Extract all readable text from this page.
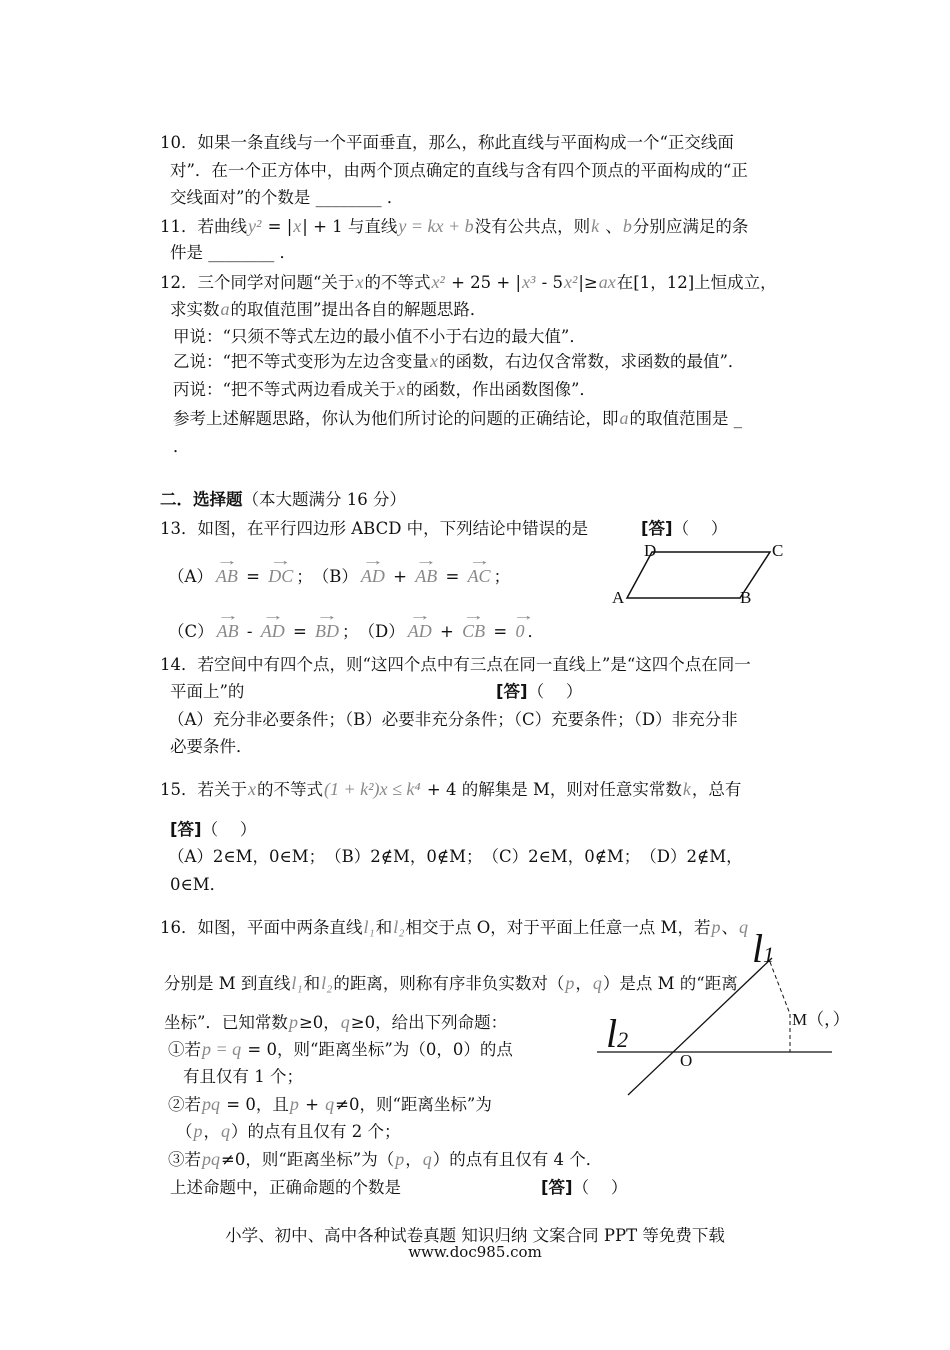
10．如果一条直线与一个平面垂直，那么，称此直线与平面构成一个“正交线面
对”．在一个正方体中，由两个顶点确定的直线与含有四个顶点的平面构成的“正
交线面对”的个数是 ________ ．
11．若曲线y² = |x| + 1 与直线y = kx + b没有公共点，则k 、b分别应满足的条
件是 ________ ．
12．三个同学对问题“关于x的不等式x² + 25 + |x³ - 5x²|≥ax在[1，12]上恒成立，
求实数a的取值范围”提出各自的解题思路．
甲说：“只须不等式左边的最小值不小于右边的最大值”．
乙说：“把不等式变形为左边含变量x的函数，右边仅含常数，求函数的最值”．
丙说：“把不等式两边看成关于x的函数，作出函数图像”．
参考上述解题思路，你认为他们所讨论的问题的正确结论，即a的取值范围是 _
．
二．选择题（本大题满分 16 分）
13．如图，在平行四边形 ABCD 中，下列结论中错误的是	[答]（　 ）
（A） → AB = → DC ；　（B） → AD + → AB = → AC ；
（C） → AB - → AD = → BD ；　（D） → AD + → CB = → 0 ．
14．若空间中有四个点，则“这四个点中有三点在同一直线上”是“这四个点在同一
平面上”的	[答]（　 ）
（A）充分非必要条件；（B）必要非充分条件；（C）充要条件；（D）非充分非
必要条件．
15．若关于x的不等式(1 + k²)x ≤ k⁴ + 4 的解集是 M，则对任意实常数k，总有
[答]（　 ）
（A）2∈M，0∈M；　（B）2∉M，0∉M；　（C）2∈M，0∉M；　（D）2∉M，
0∈M．
16．如图，平面中两条直线l₁和l₂相交于点 O，对于平面上任意一点 M，若p、q
分别是 M 到直线l₁和l₂的距离，则称有序非负实数对（p，q）是点 M 的“距离
坐标”．已知常数p≥0，q≥0，给出下列命题：
①若p = q = 0，则“距离坐标”为（0，0）的点
有且仅有 1 个；
②若pq = 0，且p + q≠0，则“距离坐标”为
（p，q）的点有且仅有 2 个；
③若pq≠0，则“距离坐标”为（p，q）的点有且仅有 4 个．
上述命题中，正确命题的个数是	[答]（　 ）
D	C
A	B
l1
l2
O
M（，）
小学、初中、高中各种试卷真题 知识归纳 文案合同 PPT 等免费下载
www.doc985.com
